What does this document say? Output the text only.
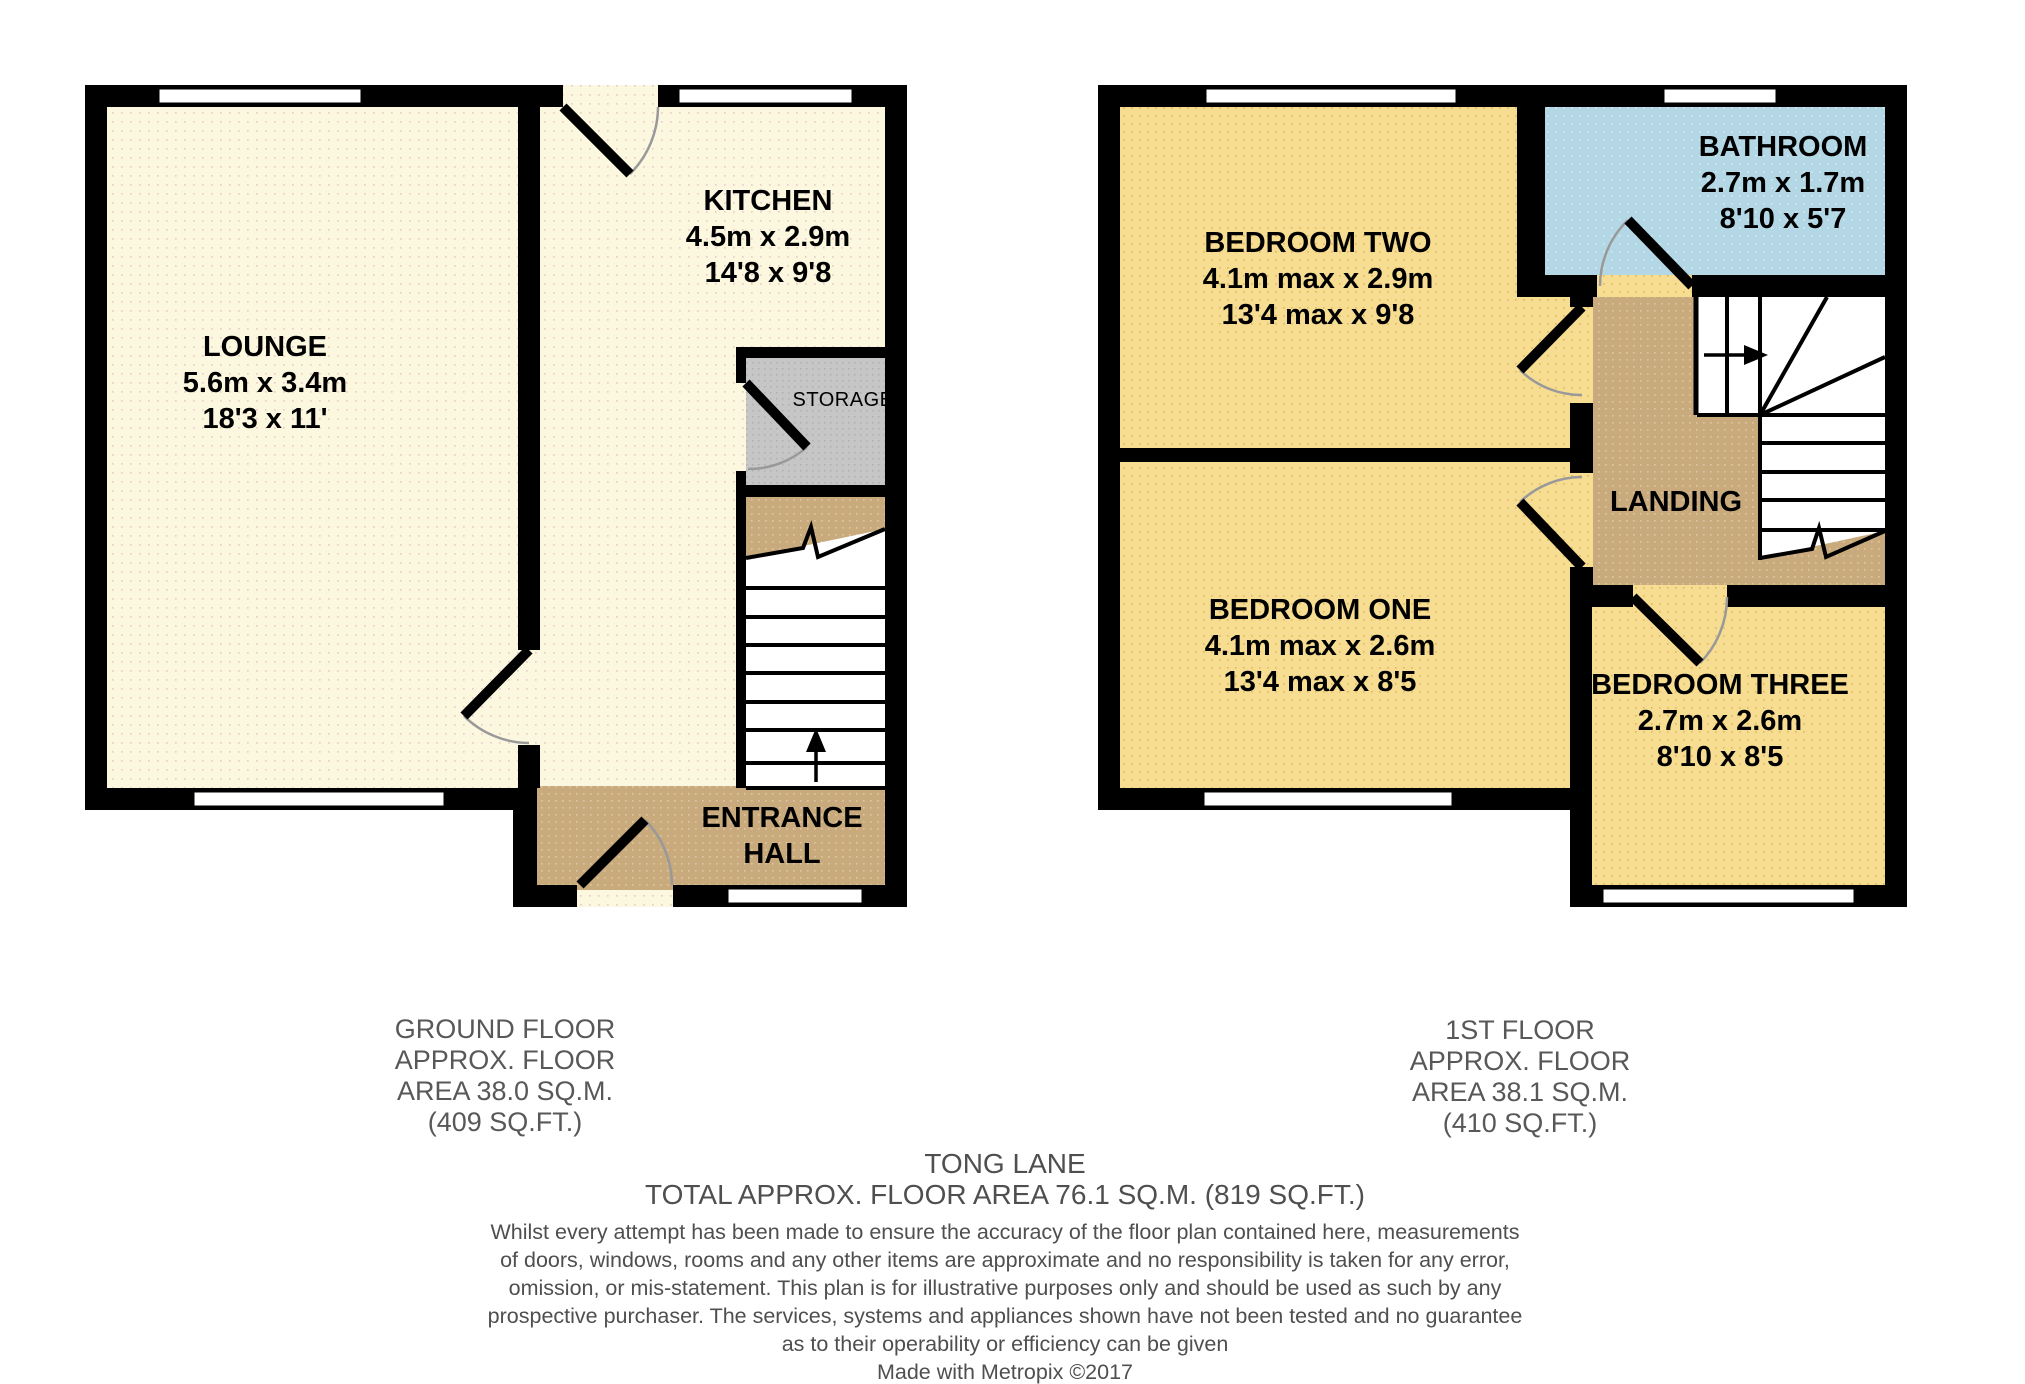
LOUNGE
5.6m x 3.4m
18'3 x 11'
KITCHEN
4.5m x 2.9m
14'8 x 9'8
STORAGE
ENTRANCE
HALL
BEDROOM TWO
4.1m max x 2.9m
13'4 max x 9'8
BATHROOM
2.7m x 1.7m
8'10 x 5'7
LANDING
BEDROOM ONE
4.1m max x 2.6m
13'4 max x 8'5	BEDROOM THREE
2.7m x 2.6m
8'10 x 8'5
GROUND FLOOR
APPROX. FLOOR
AREA 38.0 SQ.M.
(409 SQ.FT.)
1ST FLOOR
APPROX. FLOOR
AREA 38.1 SQ.M.
(410 SQ.FT.)
TONG LANE
TOTAL APPROX. FLOOR AREA 76.1 SQ.M. (819 SQ.FT.)
Whilst every attempt has been made to ensure the accuracy of the floor plan contained here, measurements
of doors, windows, rooms and any other items are approximate and no responsibility is taken for any error,
omission, or mis-statement. This plan is for illustrative purposes only and should be used as such by any
prospective purchaser. The services, systems and appliances shown have not been tested and no guarantee
as to their operability or efficiency can be given
Made with Metropix ©2017
